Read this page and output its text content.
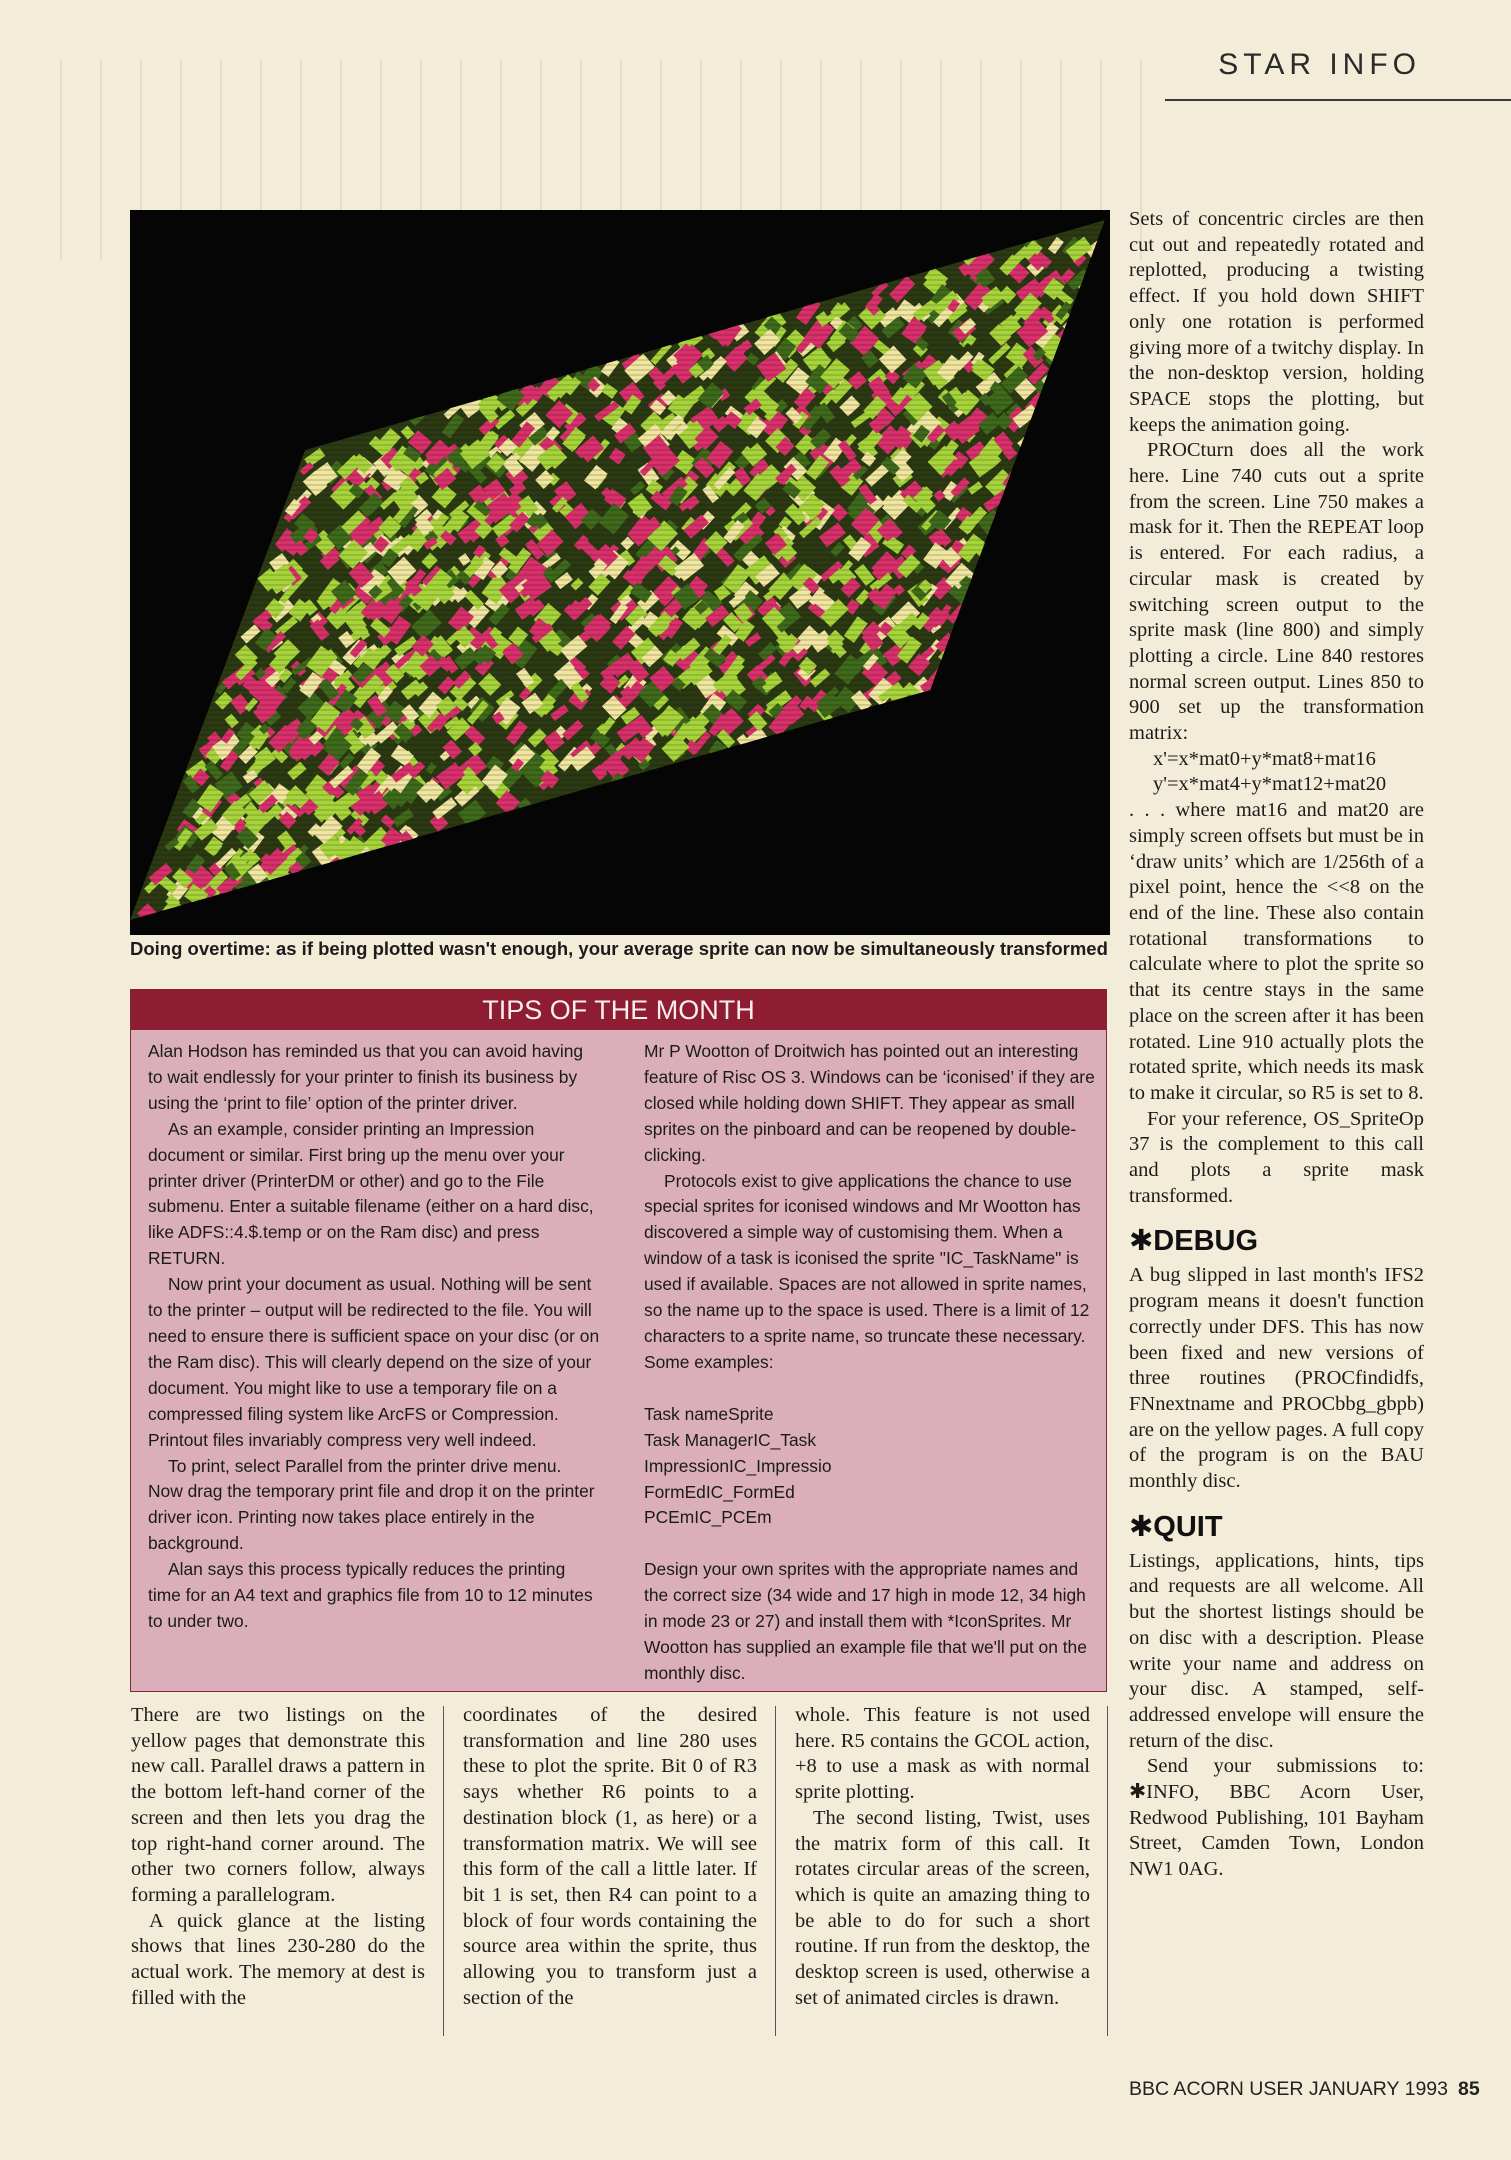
STAR INFO
Doing overtime: as if being plotted wasn't enough, your average sprite can now be simultaneously transformed
TIPS OF THE MONTH

Alan Hodson has reminded us that you can avoid having to wait endlessly for your printer to finish its business by using the ‘print to file’ option of the printer driver.

As an example, consider printing an Impression document or similar. First bring up the menu over your printer driver (PrinterDM or other) and go to the File submenu. Enter a suitable filename (either on a hard disc, like ADFS::4.$.temp or on the Ram disc) and press RETURN.

Now print your document as usual. Nothing will be sent to the printer – output will be redirected to the file. You will need to ensure there is sufficient space on your disc (or on the Ram disc). This will clearly depend on the size of your document. You might like to use a temporary file on a compressed filing system like ArcFS or Compression. Printout files invariably compress very well indeed.

To print, select Parallel from the printer drive menu. Now drag the temporary print file and drop it on the printer driver icon. Printing now takes place entirely in the background.

Alan says this process typically reduces the printing time for an A4 text and graphics file from 10 to 12 minutes to under two.

Mr P Wootton of Droitwich has pointed out an interesting feature of Risc OS 3. Windows can be ‘iconised’ if they are closed while holding down SHIFT. They appear as small sprites on the pinboard and can be reopened by double-clicking.

Protocols exist to give applications the chance to use special sprites for iconised windows and Mr Wootton has discovered a simple way of customising them. When a window of a task is iconised the sprite "IC_TaskName" is used if available. Spaces are not allowed in sprite names, so the name up to the space is used. There is a limit of 12 characters to a sprite name, so truncate these necessary. Some examples:

Task nameSprite

Task ManagerIC_Task

ImpressionIC_Impressio

FormEdIC_FormEd

PCEmIC_PCEm

Design your own sprites with the appropriate names and the correct size (34 wide and 17 high in mode 12, 34 high in mode 23 or 27) and install them with *IconSprites. Mr Wootton has supplied an example file that we'll put on the monthly disc.

There are two listings on the yellow pages that demonstrate this new call. Parallel draws a pattern in the bottom left-hand corner of the screen and then lets you drag the top right-hand corner around. The other two corners follow, always forming a parallelogram.

A quick glance at the listing shows that lines 230-280 do the actual work. The memory at dest is filled with the

coordinates of the desired transformation and line 280 uses these to plot the sprite. Bit 0 of R3 says whether R6 points to a destination block (1, as here) or a transformation matrix. We will see this form of the call a little later. If bit 1 is set, then R4 can point to a block of four words containing the source area within the sprite, thus allowing you to transform just a section of the

whole. This feature is not used here. R5 contains the GCOL action, +8 to use a mask as with normal sprite plotting.

The second listing, Twist, uses the matrix form of this call. It rotates circular areas of the screen, which is quite an amazing thing to be able to do for such a short routine. If run from the desktop, the desktop screen is used, otherwise a set of animated circles is drawn.

Sets of concentric circles are then cut out and repeatedly rotated and replotted, producing a twisting effect. If you hold down SHIFT only one rotation is performed giving more of a twitchy display. In the non-desktop version, holding SPACE stops the plotting, but keeps the animation going.

PROCturn does all the work here. Line 740 cuts out a sprite from the screen. Line 750 makes a mask for it. Then the REPEAT loop is entered. For each radius, a circular mask is created by switching screen output to the sprite mask (line 800) and simply plotting a circle. Line 840 restores normal screen output. Lines 850 to 900 set up the transformation matrix:

x'=x*mat0+y*mat8+mat16

y'=x*mat4+y*mat12+mat20

. . . where mat16 and mat20 are simply screen offsets but must be in ‘draw units’ which are 1/256th of a pixel point, hence the <<8 on the end of the line. These also contain rotational transformations to calculate where to plot the sprite so that its centre stays in the same place on the screen after it has been rotated. Line 910 actually plots the rotated sprite, which needs its mask to make it circular, so R5 is set to 8.

For your reference, OS_SpriteOp 37 is the complement to this call and plots a sprite mask transformed.

✱DEBUG

A bug slipped in last month's IFS2 program means it doesn't function correctly under DFS. This has now been fixed and new versions of three routines (PROCfindidfs, FNnextname and PROCbbg_gbpb) are on the yellow pages. A full copy of the program is on the BAU monthly disc.

✱QUIT

Listings, applications, hints, tips and requests are all welcome. All but the shortest listings should be on disc with a description. Please write your name and address on your disc. A stamped, self-addressed envelope will ensure the return of the disc.

Send your submissions to: ✱INFO, BBC Acorn User, Redwood Publishing, 101 Bayham Street, Camden Town, London NW1 0AG.

BBC ACORN USER JANUARY 1993 85
